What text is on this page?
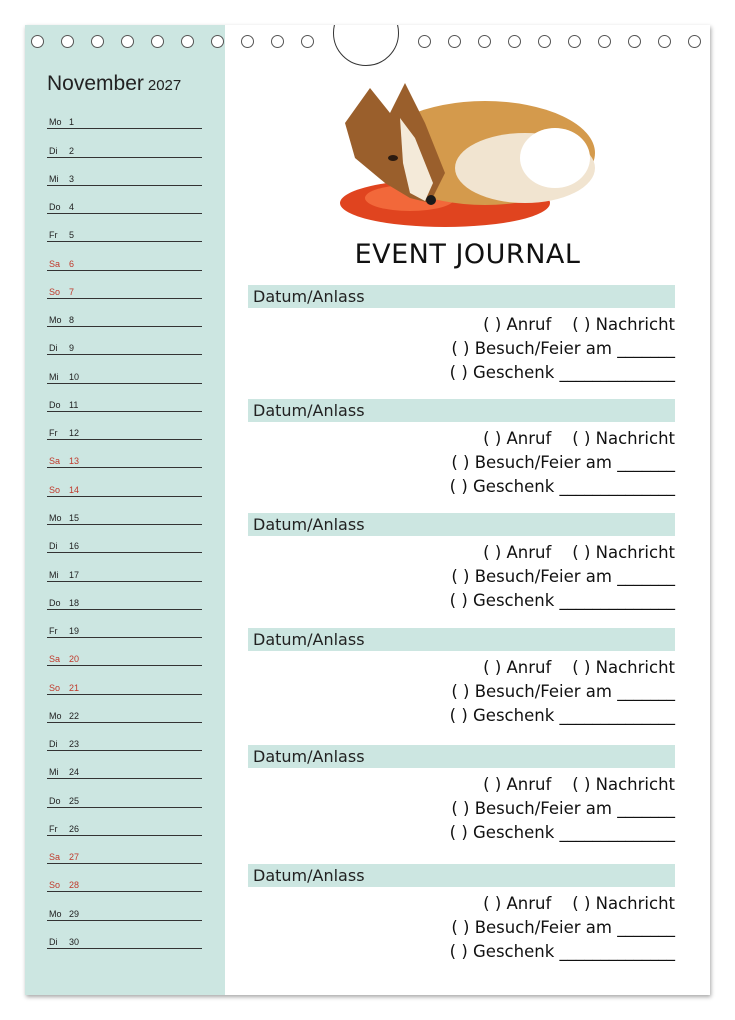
November 2027
Mo 1
Di 2
Mi 3
Do 4
Fr 5
Sa 6
So 7
Mo 8
Di 9
Mi 10
Do 11
Fr 12
Sa 13
So 14
Mo 15
Di 16
Mi 17
Do 18
Fr 19
Sa 20
So 21
Mo 22
Di 23
Mi 24
Do 25
Fr 26
Sa 27
So 28
Mo 29
Di 30
EVENT JOURNAL
Datum/Anlass
( ) Anruf    ( ) Nachricht
( ) Besuch/Feier am _______
( ) Geschenk ______________
Datum/Anlass
( ) Anruf    ( ) Nachricht
( ) Besuch/Feier am _______
( ) Geschenk ______________
Datum/Anlass
( ) Anruf    ( ) Nachricht
( ) Besuch/Feier am _______
( ) Geschenk ______________
Datum/Anlass
( ) Anruf    ( ) Nachricht
( ) Besuch/Feier am _______
( ) Geschenk ______________
Datum/Anlass
( ) Anruf    ( ) Nachricht
( ) Besuch/Feier am _______
( ) Geschenk ______________
Datum/Anlass
( ) Anruf    ( ) Nachricht
( ) Besuch/Feier am _______
( ) Geschenk ______________
